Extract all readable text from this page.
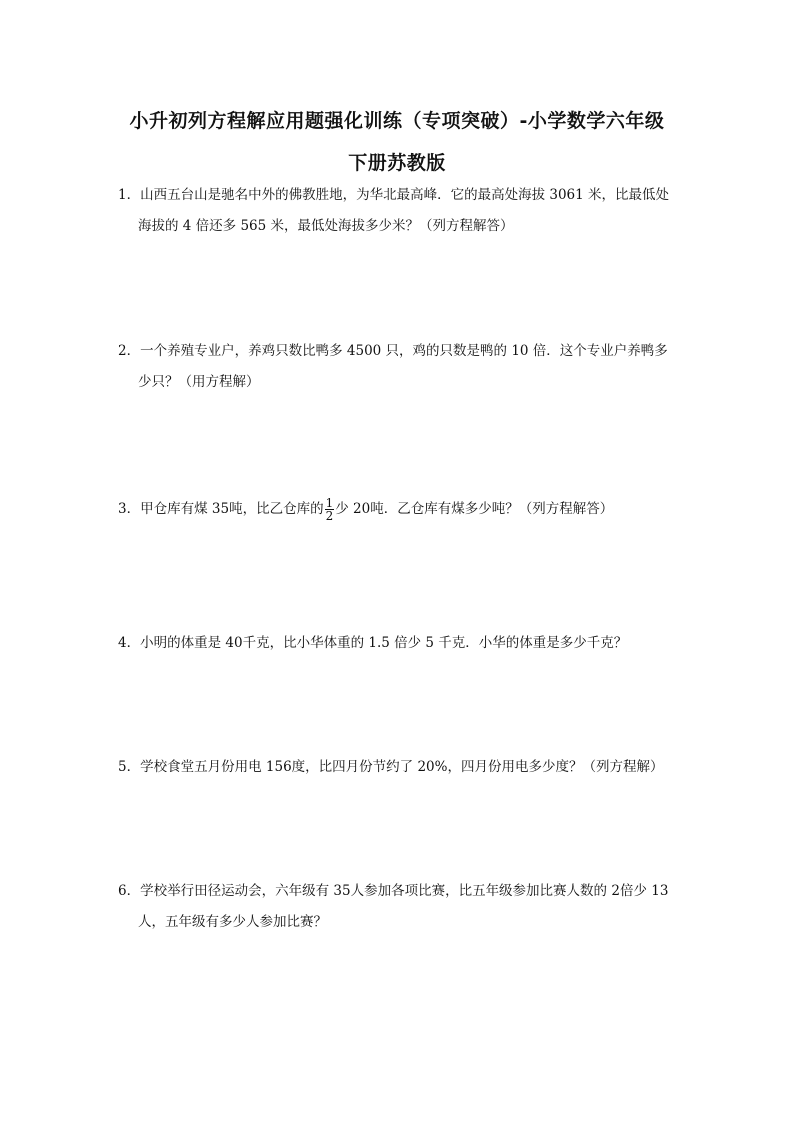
小升初列方程解应用题强化训练（专项突破）-小学数学六年级
下册苏教版
1．山西五台山是驰名中外的佛教胜地，为华北最高峰．它的最高处海拔 3061 米，比最低处
海拔的 4 倍还多 565 米，最低处海拔多少米？（列方程解答）
2．一个养殖专业户，养鸡只数比鸭多 4500 只，鸡的只数是鸭的 10 倍．这个专业户养鸭多
少只？（用方程解）
3．甲仓库有煤 35吨，比乙仓库的 $\frac{1}{2}$ 少 20吨．乙仓库有煤多少吨？（列方程解答）
4．小明的体重是 40千克，比小华体重的 1.5 倍少 5 千克．小华的体重是多少千克？
5．学校食堂五月份用电 156度，比四月份节约了 20%，四月份用电多少度？（列方程解）
6．学校举行田径运动会，六年级有 35人参加各项比赛，比五年级参加比赛人数的 2倍少 13
人，五年级有多少人参加比赛？
